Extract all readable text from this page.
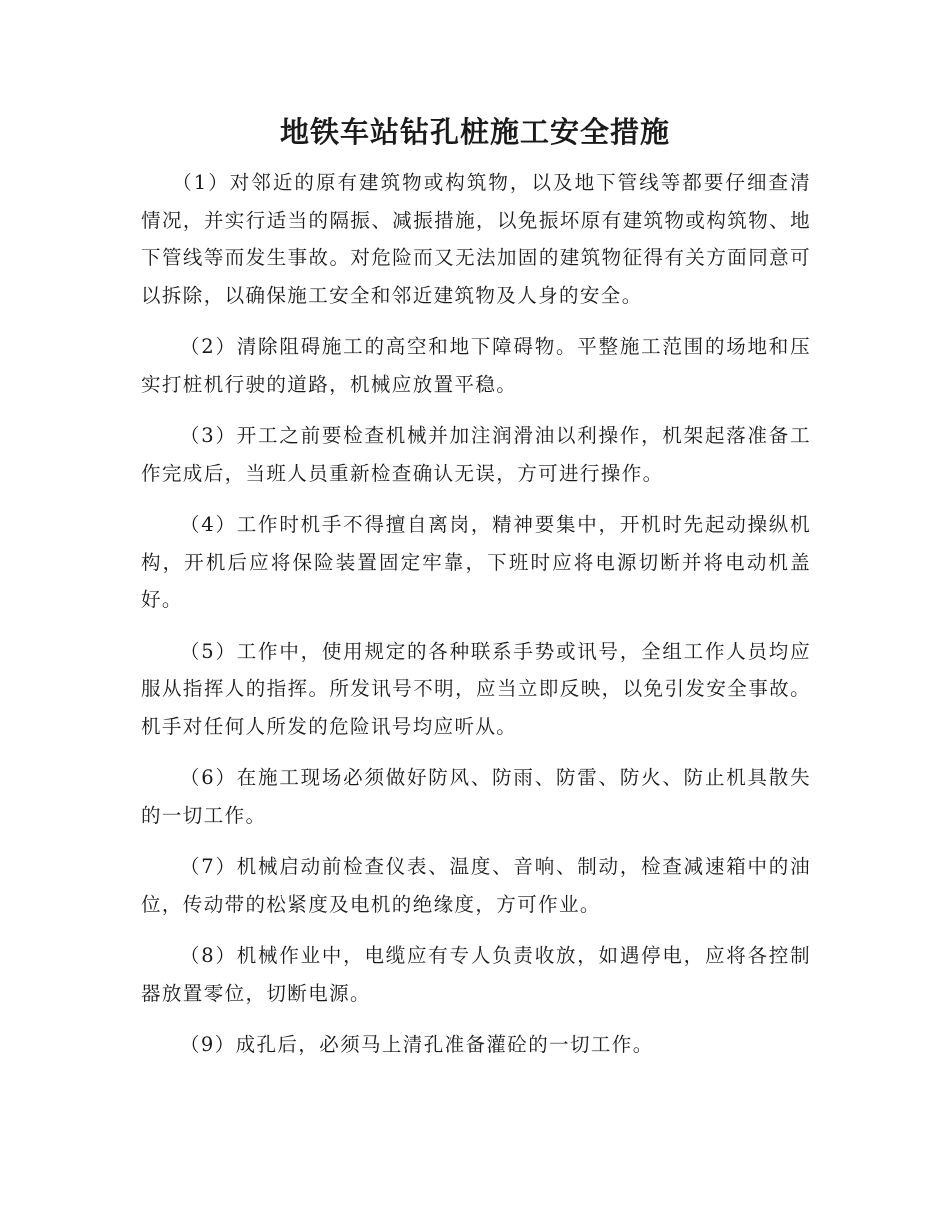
地铁车站钻孔桩施工安全措施

（1）对邻近的原有建筑物或构筑物，以及地下管线等都要仔细查清情况，并实行适当的隔振、减振措施，以免振坏原有建筑物或构筑物、地下管线等而发生事故。对危险而又无法加固的建筑物征得有关方面同意可以拆除，以确保施工安全和邻近建筑物及人身的安全。

（2）清除阻碍施工的高空和地下障碍物。平整施工范围的场地和压实打桩机行驶的道路，机械应放置平稳。

（3）开工之前要检查机械并加注润滑油以利操作，机架起落准备工作完成后，当班人员重新检查确认无误，方可进行操作。

（4）工作时机手不得擅自离岗，精神要集中，开机时先起动操纵机构，开机后应将保险装置固定牢靠，下班时应将电源切断并将电动机盖好。

（5）工作中，使用规定的各种联系手势或讯号，全组工作人员均应服从指挥人的指挥。所发讯号不明，应当立即反映，以免引发安全事故。机手对任何人所发的危险讯号均应听从。

（6）在施工现场必须做好防风、防雨、防雷、防火、防止机具散失的一切工作。

（7）机械启动前检查仪表、温度、音响、制动，检查减速箱中的油位，传动带的松紧度及电机的绝缘度，方可作业。

（8）机械作业中，电缆应有专人负责收放，如遇停电，应将各控制器放置零位，切断电源。

（9）成孔后，必须马上清孔准备灌砼的一切工作。
